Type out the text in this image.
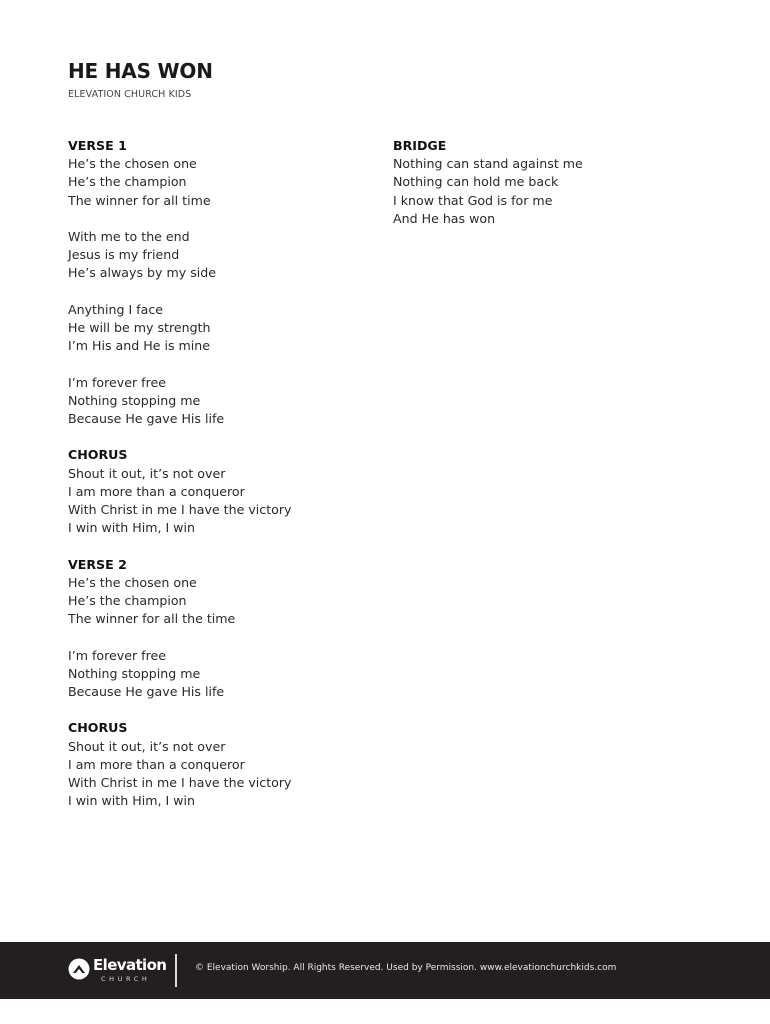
HE HAS WON
ELEVATION CHURCH KIDS
VERSE 1
He’s the chosen one
He’s the champion
The winner for all time
With me to the end
Jesus is my friend
He’s always by my side
Anything I face
He will be my strength
I’m His and He is mine
I’m forever free
Nothing stopping me
Because He gave His life
CHORUS
Shout it out, it’s not over
I am more than a conqueror
With Christ in me I have the victory
I win with Him, I win
VERSE 2
He’s the chosen one
He’s the champion
The winner for all the time
I’m forever free
Nothing stopping me
Because He gave His life
CHORUS
Shout it out, it’s not over
I am more than a conqueror
With Christ in me I have the victory
I win with Him, I win
BRIDGE
Nothing can stand against me
Nothing can hold me back
I know that God is for me
And He has won
Elevation
CHURCH
© Elevation Worship. All Rights Reserved. Used by Permission. www.elevationchurchkids.com
